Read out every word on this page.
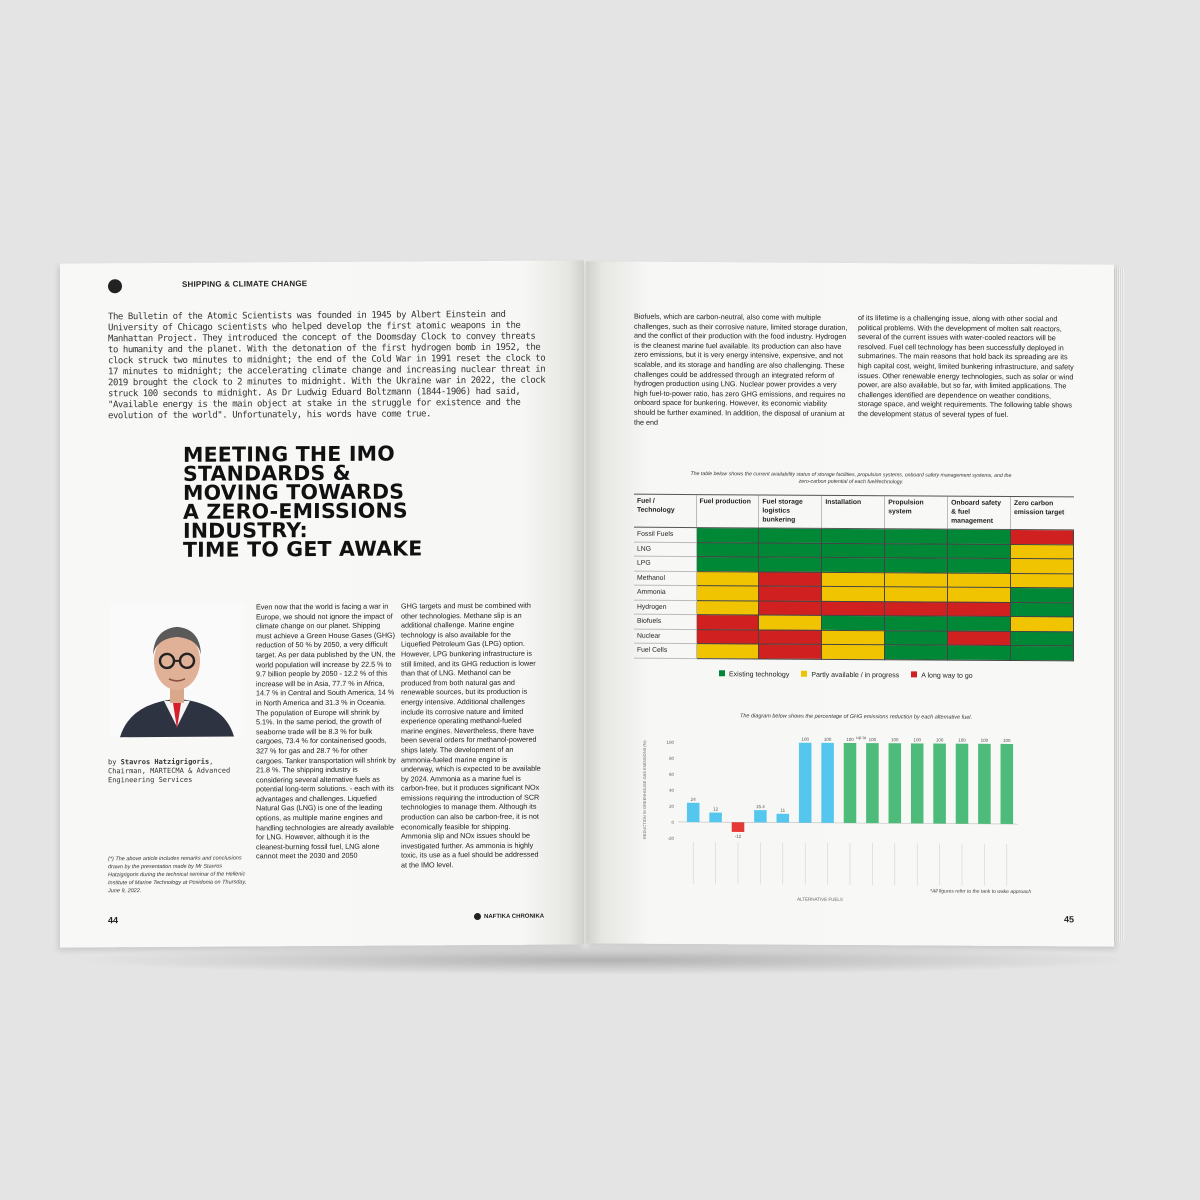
SHIPPING & CLIMATE CHANGE
The Bulletin of the Atomic Scientists was founded in 1945 by Albert Einstein and University of Chicago scientists who helped develop the first atomic weapons in the Manhattan Project. They introduced the concept of the Doomsday Clock to convey threats to humanity and the planet. With the detonation of the first hydrogen bomb in 1952, the clock struck two minutes to midnight; the end of the Cold War in 1991 reset the clock to 17 minutes to midnight; the accelerating climate change and increasing nuclear threat in 2019 brought the clock to 2 minutes to midnight. With the Ukraine war in 2022, the clock struck 100 seconds to midnight. As Dr Ludwig Eduard Boltzmann (1844-1906) had said, "Available energy is the main object at stake in the struggle for existence and the evolution of the world". Unfortunately, his words have come true.
MEETING THE IMO
STANDARDS &
MOVING TOWARDS
A ZERO-EMISSIONS
INDUSTRY:
TIME TO GET AWAKE
by Stavros Hatzigrigoris,
Chairman, MARTECMA & Advanced Engineering Services
(*) The above article includes remarks and conclusions drawn by the presentation made by Mr Stavros Hatzigrigoris during the technical seminar of the Hellenic Institute of Marine Technology at Posidonia on Thursday, June 9, 2022.
Even now that the world is facing a war in Europe, we should not ignore the impact of climate change on our planet. Shipping must achieve a Green House Gases (GHG) reduction of 50 % by 2050, a very difficult target. As per data published by the UN, the world population will increase by 22.5 % to 9.7 billion people by 2050 - 12.2 % of this increase will be in Asia, 77.7 % in Africa, 14.7 % in Central and South America, 14 % in North America and 31.3 % in Oceania. The population of Europe will shrink by 5.1%. In the same period, the growth of seaborne trade will be 8.3 % for bulk cargoes, 73.4 % for containerised goods, 327 % for gas and 28.7 % for other cargoes. Tanker transportation will shrink by 21.8 %. The shipping industry is considering several alternative fuels as potential long-term solutions. - each with its advantages and challenges. Liquefied Natural Gas (LNG) is one of the leading options, as multiple marine engines and handling technologies are already available for LNG. However, although it is the cleanest-burning fossil fuel, LNG alone cannot meet the 2030 and 2050
GHG targets and must be combined with other technologies. Methane slip is an additional challenge. Marine engine technology is also available for the Liquefied Petroleum Gas (LPG) option. However, LPG bunkering infrastructure is still limited, and its GHG reduction is lower than that of LNG. Methanol can be produced from both natural gas and renewable sources, but its production is energy intensive. Additional challenges include its corrosive nature and limited experience operating methanol-fueled marine engines. Nevertheless, there have been several orders for methanol-powered ships lately. The development of an ammonia-fueled marine engine is underway, which is expected to be available by 2024. Ammonia as a marine fuel is carbon-free, but it produces significant NOx emissions requiring the introduction of SCR technologies to manage them. Although its production can also be carbon-free, it is not economically feasible for shipping. Ammonia slip and NOx issues should be investigated further. As ammonia is highly toxic, its use as a fuel should be addressed at the IMO level.
44	NAFTIKA CHRONIKA
Biofuels, which are carbon-neutral, also come with multiple challenges, such as their corrosive nature, limited storage duration, and the conflict of their production with the food industry. Hydrogen is the cleanest marine fuel available. Its production can also have zero emissions, but it is very energy intensive, expensive, and not scalable, and its storage and handling are also challenging. These challenges could be addressed through an integrated reform of hydrogen production using LNG. Nuclear power provides a very high fuel-to-power ratio, has zero GHG emissions, and requires no onboard space for bunkering. However, its economic viability should be further examined. In addition, the disposal of uranium at the end
of its lifetime is a challenging issue, along with other social and political problems. With the development of molten salt reactors, several of the current issues with water-cooled reactors will be resolved. Fuel cell technology has been successfully deployed in submarines. The main reasons that hold back its spreading are its high capital cost, weight, limited bunkering infrastructure, and safety issues. Other renewable energy technologies, such as solar or wind power, are also available, but so far, with limited applications. The challenges identified are dependence on weather conditions, storage space, and weight requirements. The following table shows the development status of several types of fuel.
The table below shows the current availability status of storage facilities, propulsion systems, onboard safety management systems, and the zero-carbon potential of each fuel/technology.
Fuel / Technology	Fuel production	Fuel storage logistics bunkering	Installation	Propulsion system	Onboard safety & fuel management	Zero carbon emission target
Fossil Fuels						
LNG						
LPG						
Methanol						
Ammonia						
Hydrogen						
Biofuels						
Nuclear						
Fuel Cells						
Existing technology	Partly available / in progress	A long way to go
The diagram below shows the percentage of GHG emissions reduction by each alternative fuel.
REDUCTION IN GREENHOUSE GAS EMISSIONS (%)	-20
0
20
40
60
80
100
24
12
-12
15.4
11
100	100	100	100	100	100	100	100	100	100
up to
ALTERNATIVE FUELS
*All figures refer to the tank to wake approach
45
